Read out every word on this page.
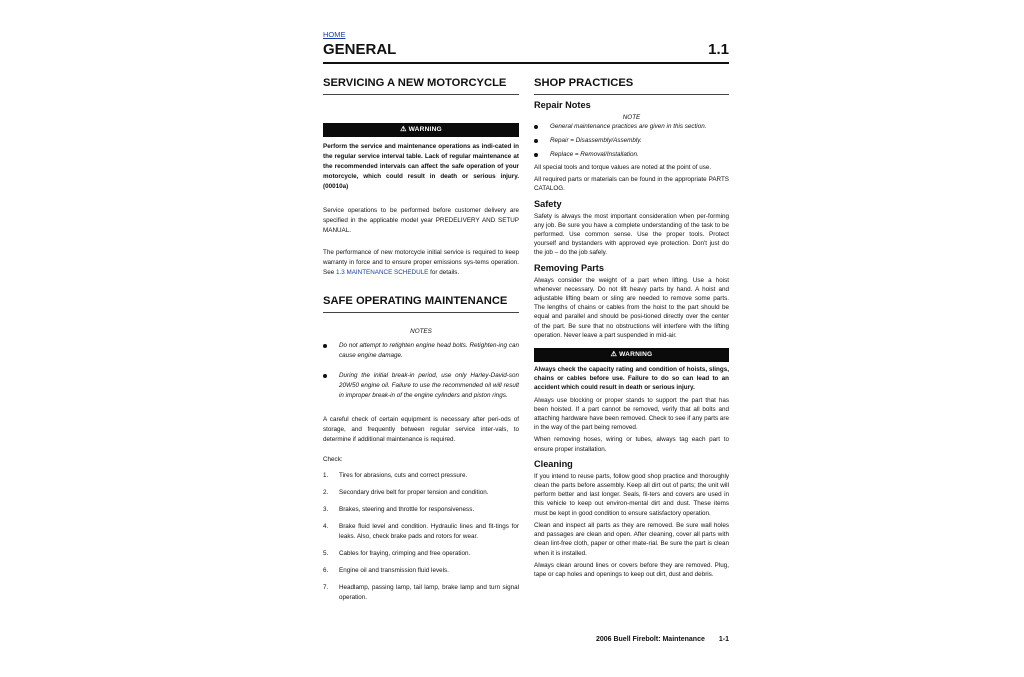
HOME
GENERAL	1.1
SERVICING A NEW MOTORCYCLE
⚠ WARNING

Perform the service and maintenance operations as indi-cated in the regular service interval table. Lack of regular maintenance at the recommended intervals can affect the safe operation of your motorcycle, which could result in death or serious injury. (00010a)

Service operations to be performed before customer delivery are specified in the applicable model year PREDELIVERY AND SETUP MANUAL.

The performance of new motorcycle initial service is required to keep warranty in force and to ensure proper emissions sys-tems operation. See 1.3 MAINTENANCE SCHEDULE for details.

SAFE OPERATING MAINTENANCE
NOTES
Do not attempt to retighten engine head bolts. Retighten-ing can cause engine damage.
During the initial break-in period, use only Harley-David-son 20W50 engine oil. Failure to use the recommended oil will result in improper break-in of the engine cylinders and piston rings.

A careful check of certain equipment is necessary after peri-ods of storage, and frequently between regular service inter-vals, to determine if additional maintenance is required.

Check:

1. Tires for abrasions, cuts and correct pressure.
2. Secondary drive belt for proper tension and condition.
3. Brakes, steering and throttle for responsiveness.
4. Brake fluid level and condition. Hydraulic lines and fit-tings for leaks. Also, check brake pads and rotors for wear.
5. Cables for fraying, crimping and free operation.
6. Engine oil and transmission fluid levels.
7. Headlamp, passing lamp, tail lamp, brake lamp and turn signal operation.
SHOP PRACTICES
Repair Notes
NOTE
General maintenance practices are given in this section.
Repair = Disassembly/Assembly.
Replace = Removal/Installation.

All special tools and torque values are noted at the point of use.

All required parts or materials can be found in the appropriate PARTS CATALOG.

Safety

Safety is always the most important consideration when per-forming any job. Be sure you have a complete understanding of the task to be performed. Use common sense. Use the proper tools. Protect yourself and bystanders with approved eye protection. Don't just do the job – do the job safely.

Removing Parts

Always consider the weight of a part when lifting. Use a hoist whenever necessary. Do not lift heavy parts by hand. A hoist and adjustable lifting beam or sling are needed to remove some parts. The lengths of chains or cables from the hoist to the part should be equal and parallel and should be posi-tioned directly over the center of the part. Be sure that no obstructions will interfere with the lifting operation. Never leave a part suspended in mid-air.

⚠ WARNING

Always check the capacity rating and condition of hoists, slings, chains or cables before use. Failure to do so can lead to an accident which could result in death or serious injury.

Always use blocking or proper stands to support the part that has been hoisted. If a part cannot be removed, verify that all bolts and attaching hardware have been removed. Check to see if any parts are in the way of the part being removed.

When removing hoses, wiring or tubes, always tag each part to ensure proper installation.

Cleaning

If you intend to reuse parts, follow good shop practice and thoroughly clean the parts before assembly. Keep all dirt out of parts; the unit will perform better and last longer. Seals, fil-ters and covers are used in this vehicle to keep out environ-mental dirt and dust. These items must be kept in good condition to ensure satisfactory operation.

Clean and inspect all parts as they are removed. Be sure wall holes and passages are clean and open. After cleaning, cover all parts with clean lint-free cloth, paper or other mate-rial. Be sure the part is clean when it is installed.

Always clean around lines or covers before they are removed. Plug, tape or cap holes and openings to keep out dirt, dust and debris.

2006 Buell Firebolt: Maintenance 1-1
